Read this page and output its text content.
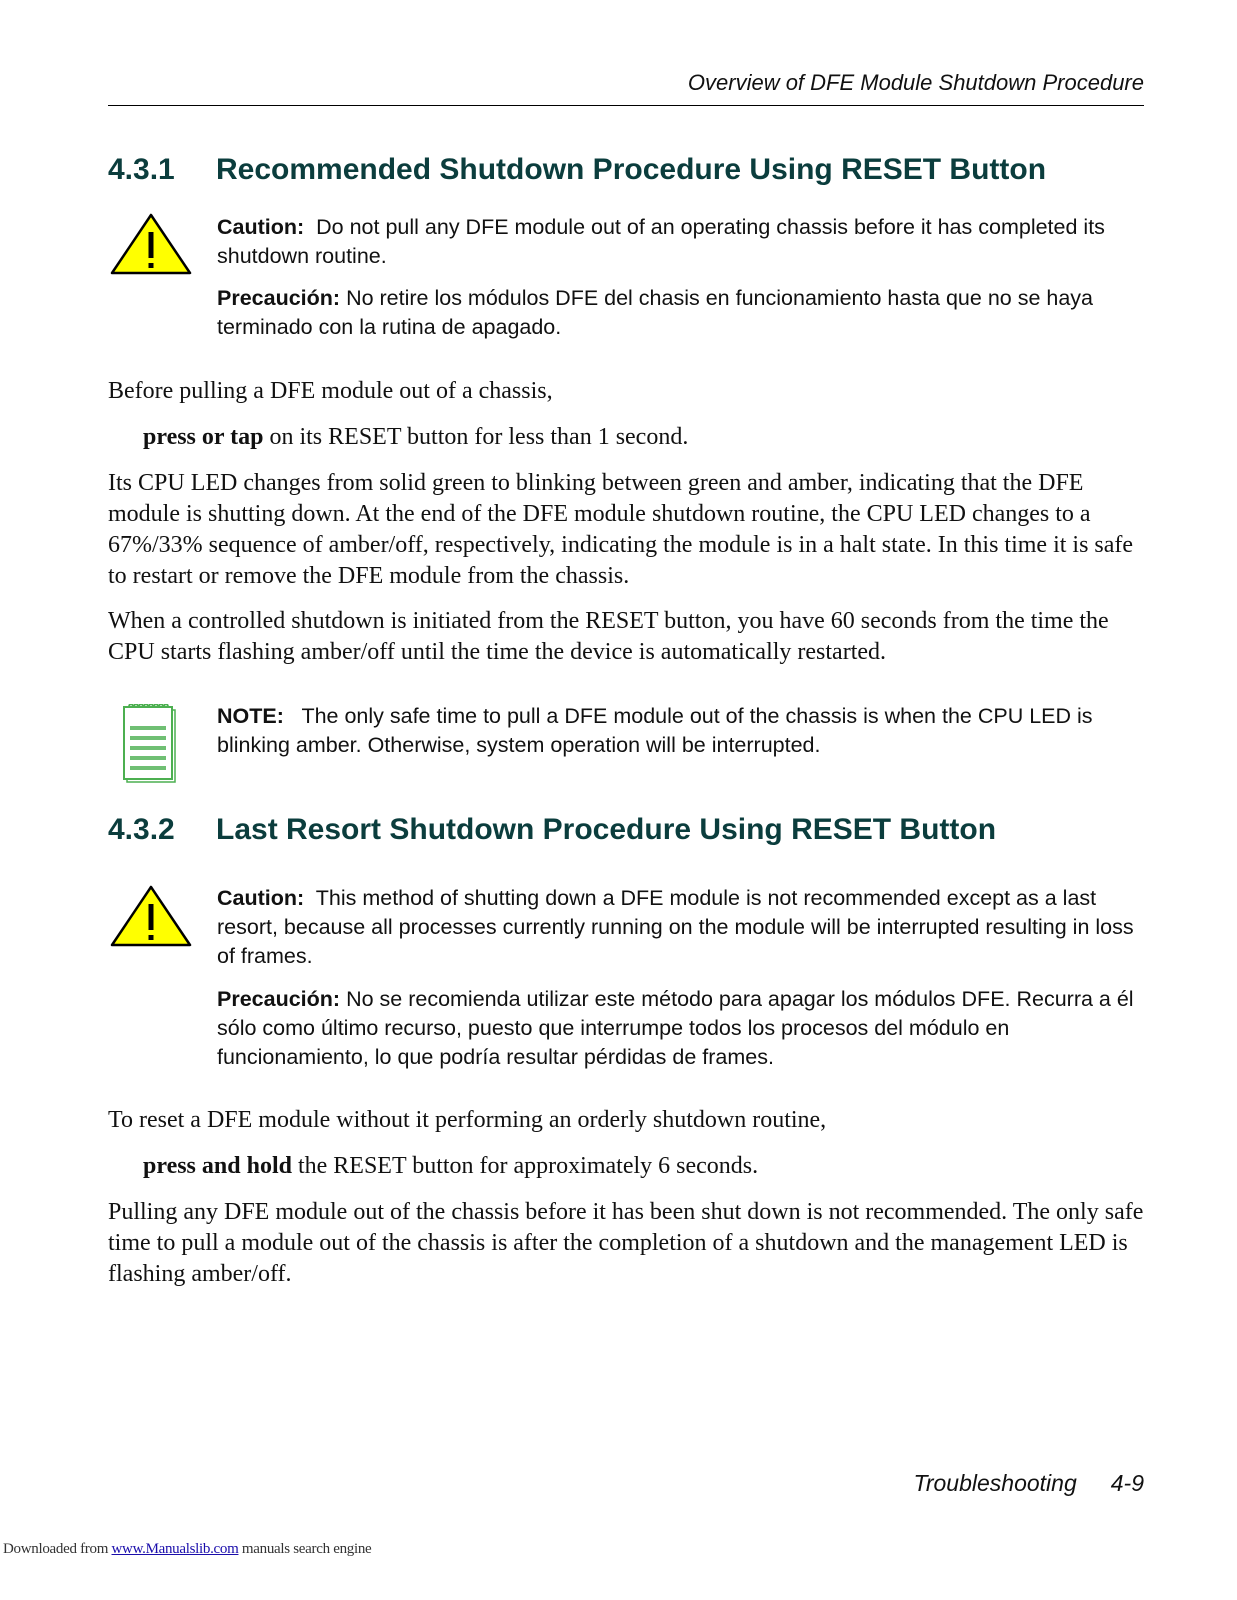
Overview of DFE Module Shutdown Procedure
4.3.1 Recommended Shutdown Procedure Using RESET Button
Caution: Do not pull any DFE module out of an operating chassis before it has completed its shutdown routine.
Precaución: No retire los módulos DFE del chasis en funcionamiento hasta que no se haya terminado con la rutina de apagado.
Before pulling a DFE module out of a chassis,
press or tap on its RESET button for less than 1 second.
Its CPU LED changes from solid green to blinking between green and amber, indicating that the DFE module is shutting down. At the end of the DFE module shutdown routine, the CPU LED changes to a 67%/33% sequence of amber/off, respectively, indicating the module is in a halt state. In this time it is safe to restart or remove the DFE module from the chassis.
When a controlled shutdown is initiated from the RESET button, you have 60 seconds from the time the CPU starts flashing amber/off until the time the device is automatically restarted.
NOTE: The only safe time to pull a DFE module out of the chassis is when the CPU LED is blinking amber. Otherwise, system operation will be interrupted.
4.3.2 Last Resort Shutdown Procedure Using RESET Button
Caution: This method of shutting down a DFE module is not recommended except as a last resort, because all processes currently running on the module will be interrupted resulting in loss of frames.
Precaución: No se recomienda utilizar este método para apagar los módulos DFE. Recurra a él sólo como último recurso, puesto que interrumpe todos los procesos del módulo en funcionamiento, lo que podría resultar pérdidas de frames.
To reset a DFE module without it performing an orderly shutdown routine,
press and hold the RESET button for approximately 6 seconds.
Pulling any DFE module out of the chassis before it has been shut down is not recommended. The only safe time to pull a module out of the chassis is after the completion of a shutdown and the management LED is flashing amber/off.
Troubleshooting 4-9
Downloaded from www.Manualslib.com manuals search engine
